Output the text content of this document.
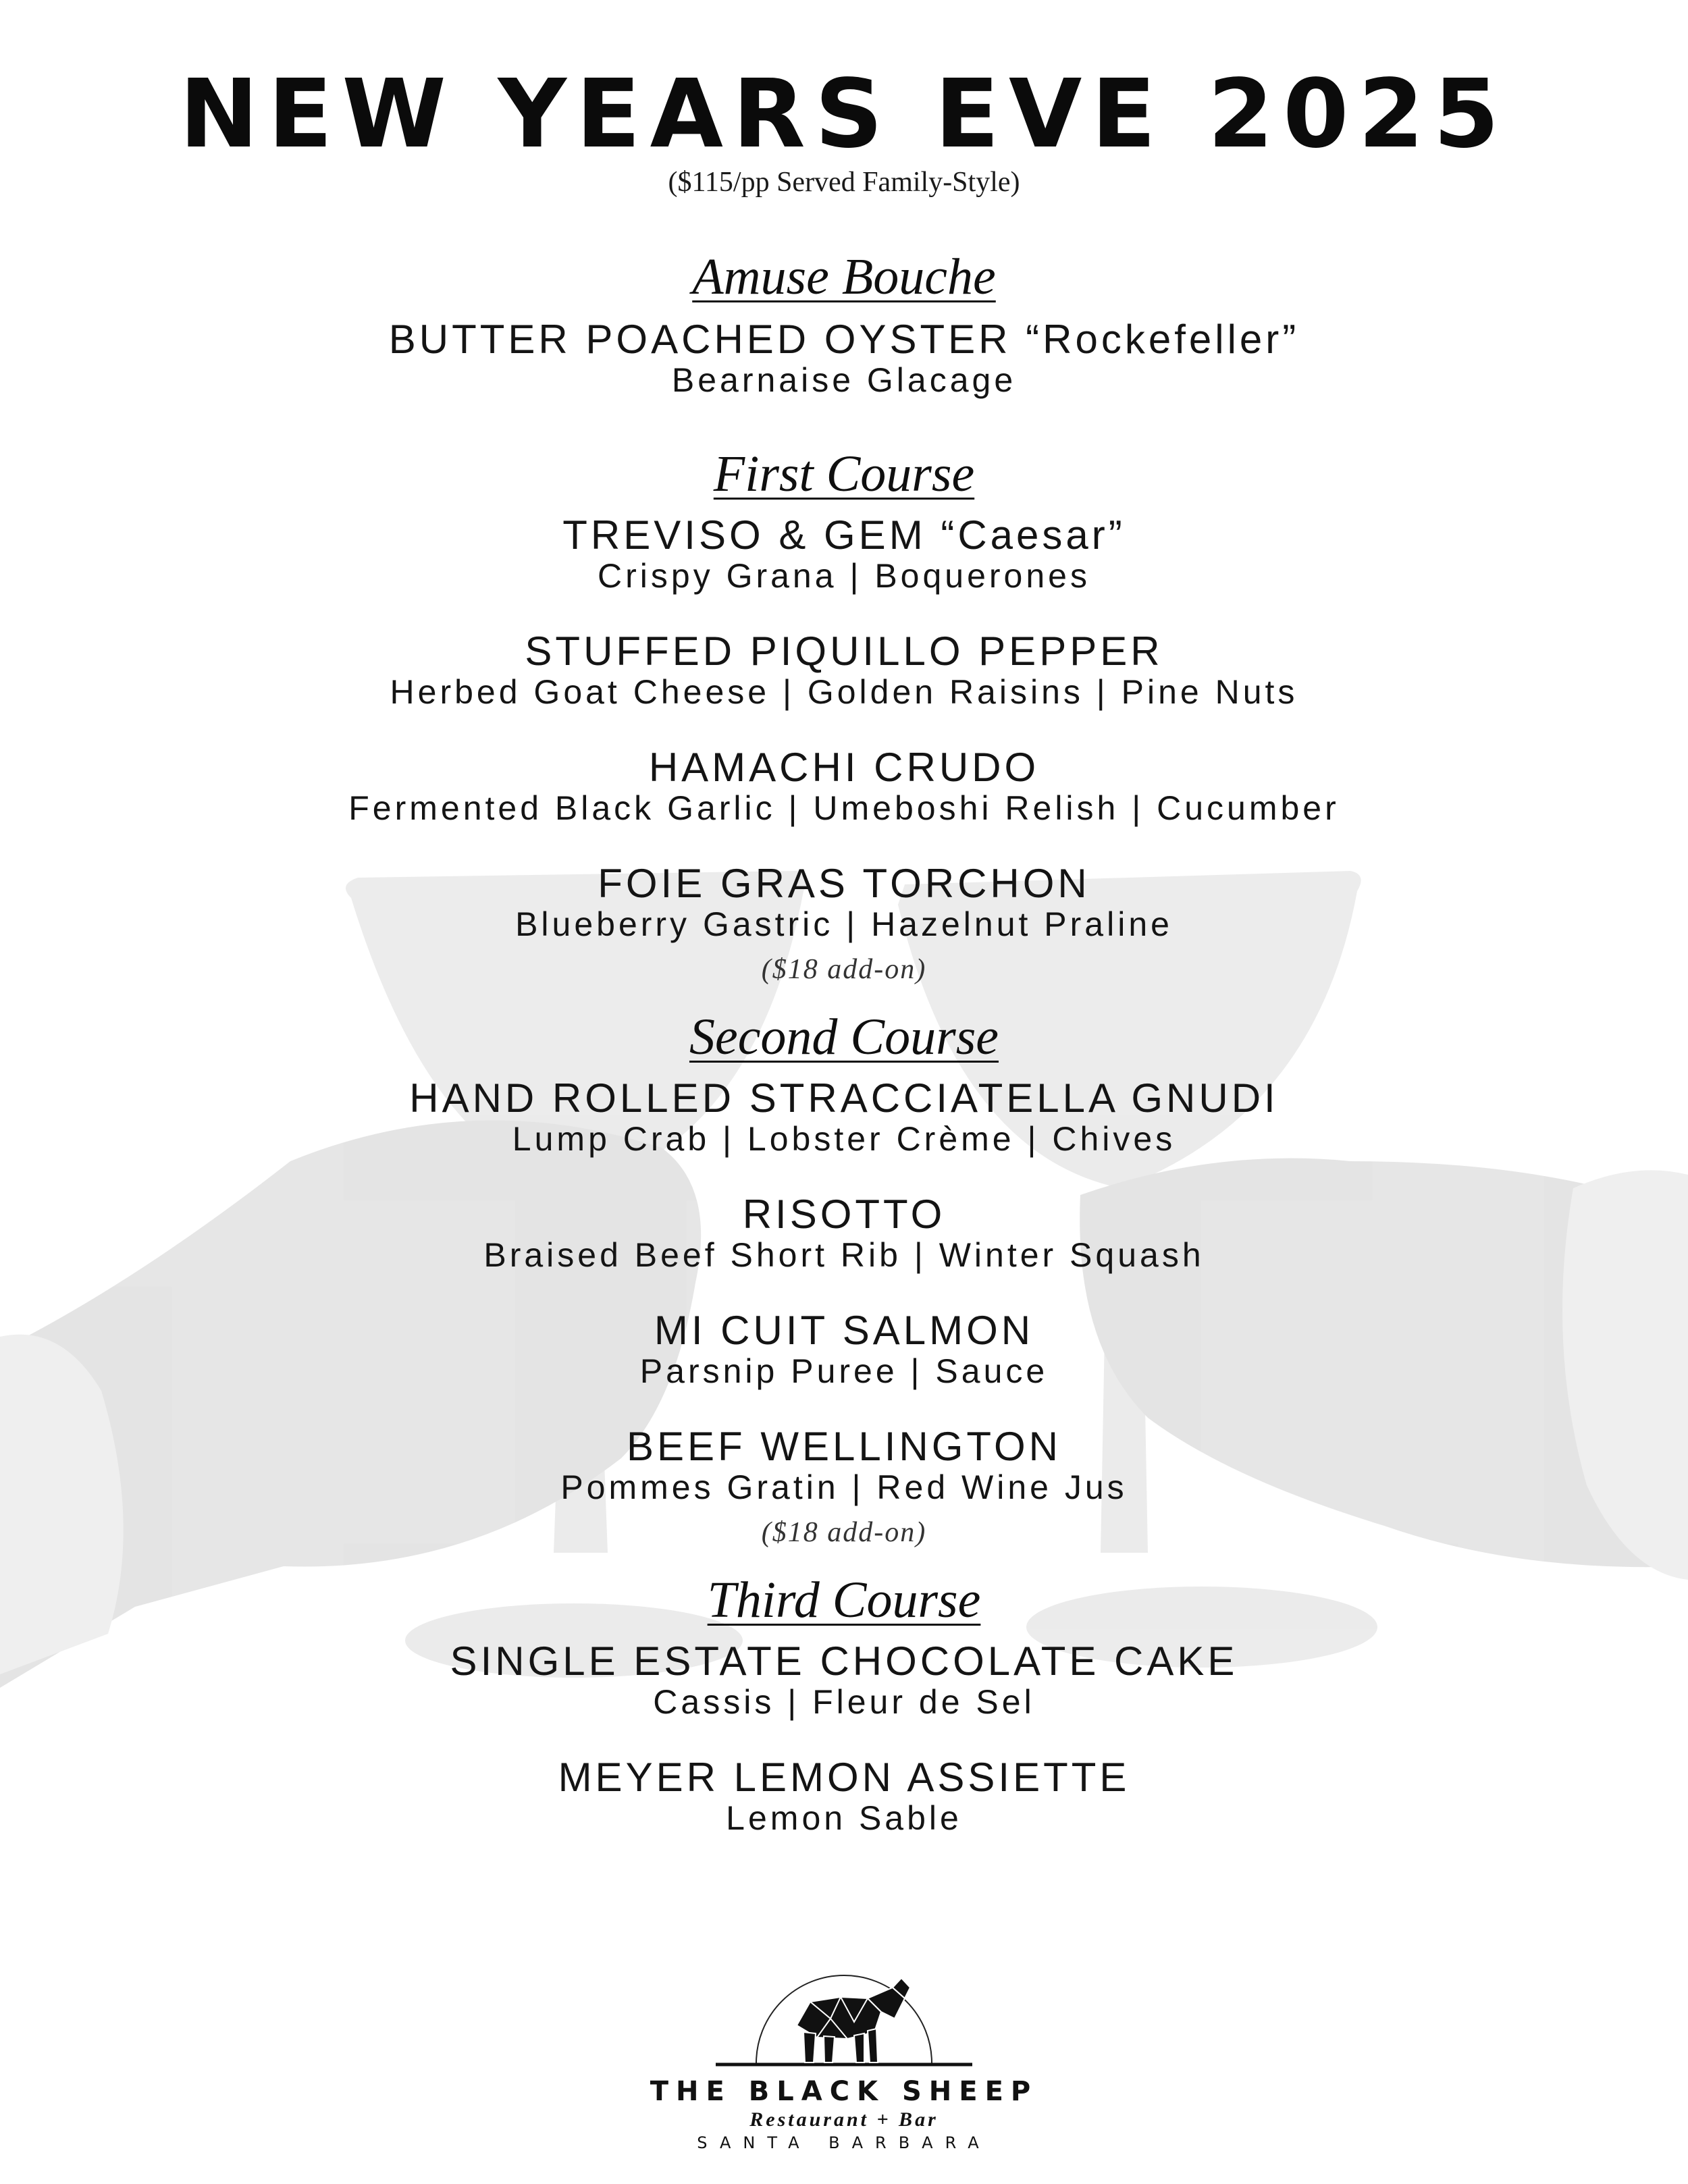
NEW YEARS EVE 2025
($115/pp Served Family-Style)
Amuse Bouche
BUTTER POACHED OYSTER “Rockefeller”
Bearnaise Glacage
First Course
TREVISO & GEM “Caesar”
Crispy Grana | Boquerones
STUFFED PIQUILLO PEPPER
Herbed Goat Cheese | Golden Raisins | Pine Nuts
HAMACHI CRUDO
Fermented Black Garlic | Umeboshi Relish | Cucumber
FOIE GRAS TORCHON
Blueberry Gastric | Hazelnut Praline
($18 add-on)
Second Course
HAND ROLLED STRACCIATELLA GNUDI
Lump Crab | Lobster Crème | Chives
RISOTTO
Braised Beef Short Rib | Winter Squash
MI CUIT SALMON
Parsnip Puree | Sauce
BEEF WELLINGTON
Pommes Gratin | Red Wine Jus
($18 add-on)
Third Course
SINGLE ESTATE CHOCOLATE CAKE
Cassis | Fleur de Sel
MEYER LEMON ASSIETTE
Lemon Sable
THE BLACK SHEEP
Restaurant + Bar
SANTA BARBARA
